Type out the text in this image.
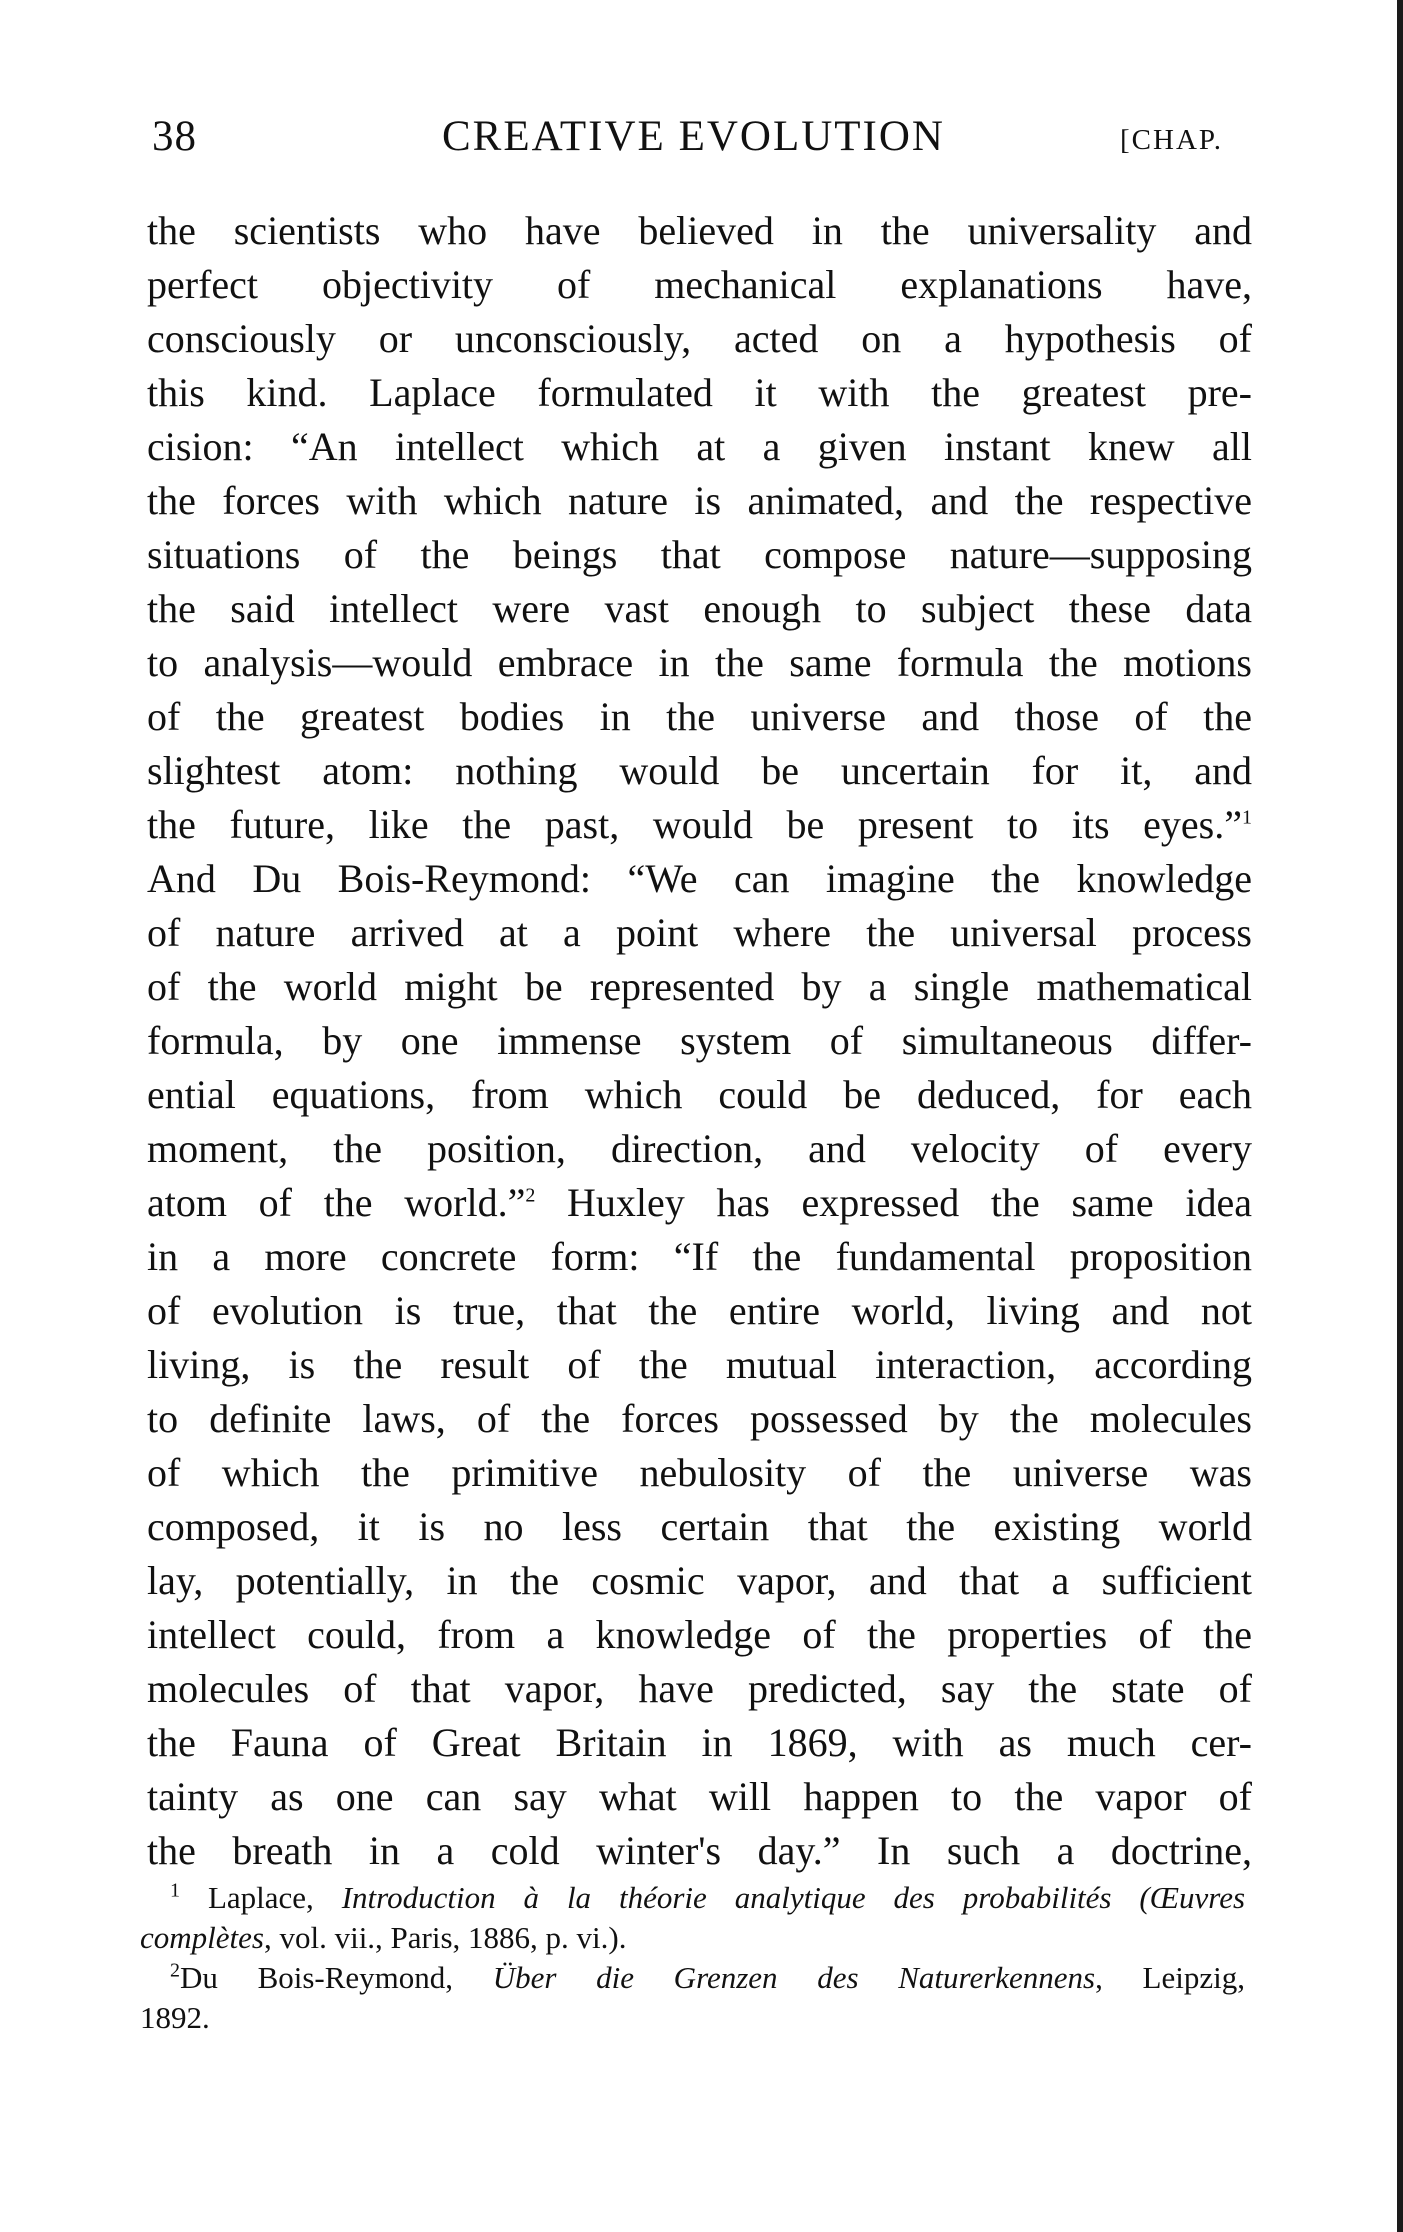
38	CREATIVE EVOLUTION	[CHAP.
the scientists who have believed in the universality and
perfect objectivity of mechanical explanations have,
consciously or unconsciously, acted on a hypothesis of
this kind. Laplace formulated it with the greatest pre-
cision: “An intellect which at a given instant knew all
the forces with which nature is animated, and the respective
situations of the beings that compose nature—supposing
the said intellect were vast enough to subject these data
to analysis—would embrace in the same formula the motions
of the greatest bodies in the universe and those of the
slightest atom: nothing would be uncertain for it, and
the future, like the past, would be present to its eyes.”$^1$
And Du Bois-Reymond: “We can imagine the knowledge
of nature arrived at a point where the universal process
of the world might be represented by a single mathematical
formula, by one immense system of simultaneous differ-
ential equations, from which could be deduced, for each
moment, the position, direction, and velocity of every
atom of the world.”$^2$ Huxley has expressed the same idea
in a more concrete form: “If the fundamental proposition
of evolution is true, that the entire world, living and not
living, is the result of the mutual interaction, according
to definite laws, of the forces possessed by the molecules
of which the primitive nebulosity of the universe was
composed, it is no less certain that the existing world
lay, potentially, in the cosmic vapor, and that a sufficient
intellect could, from a knowledge of the properties of the
molecules of that vapor, have predicted, say the state of
the Fauna of Great Britain in 1869, with as much cer-
tainty as one can say what will happen to the vapor of
the breath in a cold winter's day.” In such a doctrine,
$^1$ Laplace, Introduction à la théorie analytique des probabilités (Œuvres
complètes, vol. vii., Paris, 1886, p. vi.).
$^2$Du Bois-Reymond, Über die Grenzen des Naturerkennens, Leipzig,
1892.
